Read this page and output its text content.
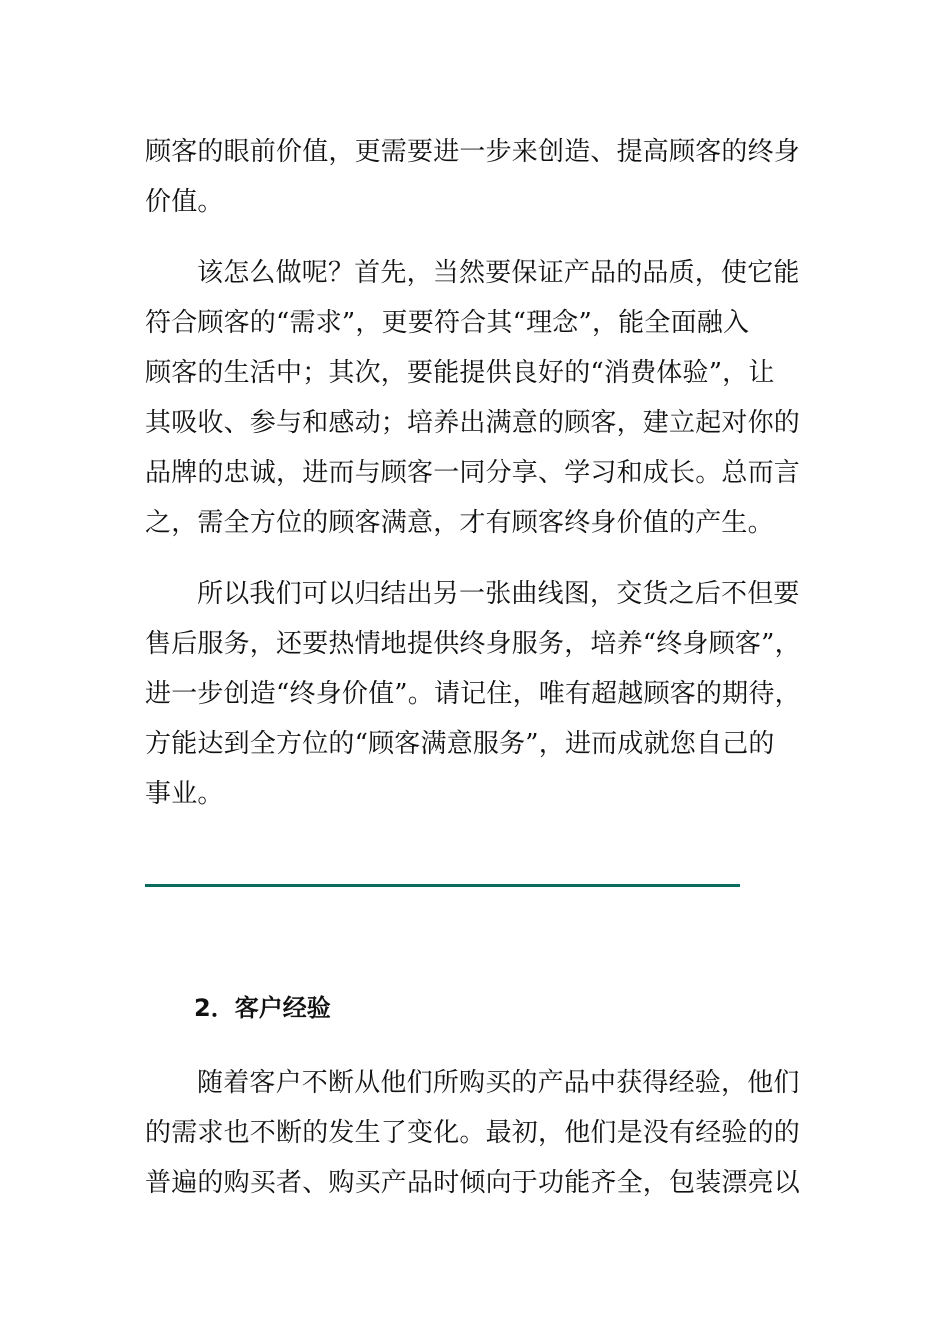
顾客的眼前价值，更需要进一步来创造、提高顾客的终身
价值。
该怎么做呢？首先，当然要保证产品的品质，使它能
符合顾客的“需求”，更要符合其“理念”，能全面融入
顾客的生活中；其次，要能提供良好的“消费体验”，让
其吸收、参与和感动；培养出满意的顾客，建立起对你的
品牌的忠诚，进而与顾客一同分享、学习和成长。总而言
之，需全方位的顾客满意，才有顾客终身价值的产生。
所以我们可以归结出另一张曲线图，交货之后不但要
售后服务，还要热情地提供终身服务，培养“终身顾客”，
进一步创造“终身价值”。请记住，唯有超越顾客的期待，
方能达到全方位的“顾客满意服务”，进而成就您自己的
事业。
2．客户经验
随着客户不断从他们所购买的产品中获得经验，他们
的需求也不断的发生了变化。最初，他们是没有经验的的
普遍的购买者、购买产品时倾向于功能齐全，包装漂亮以
